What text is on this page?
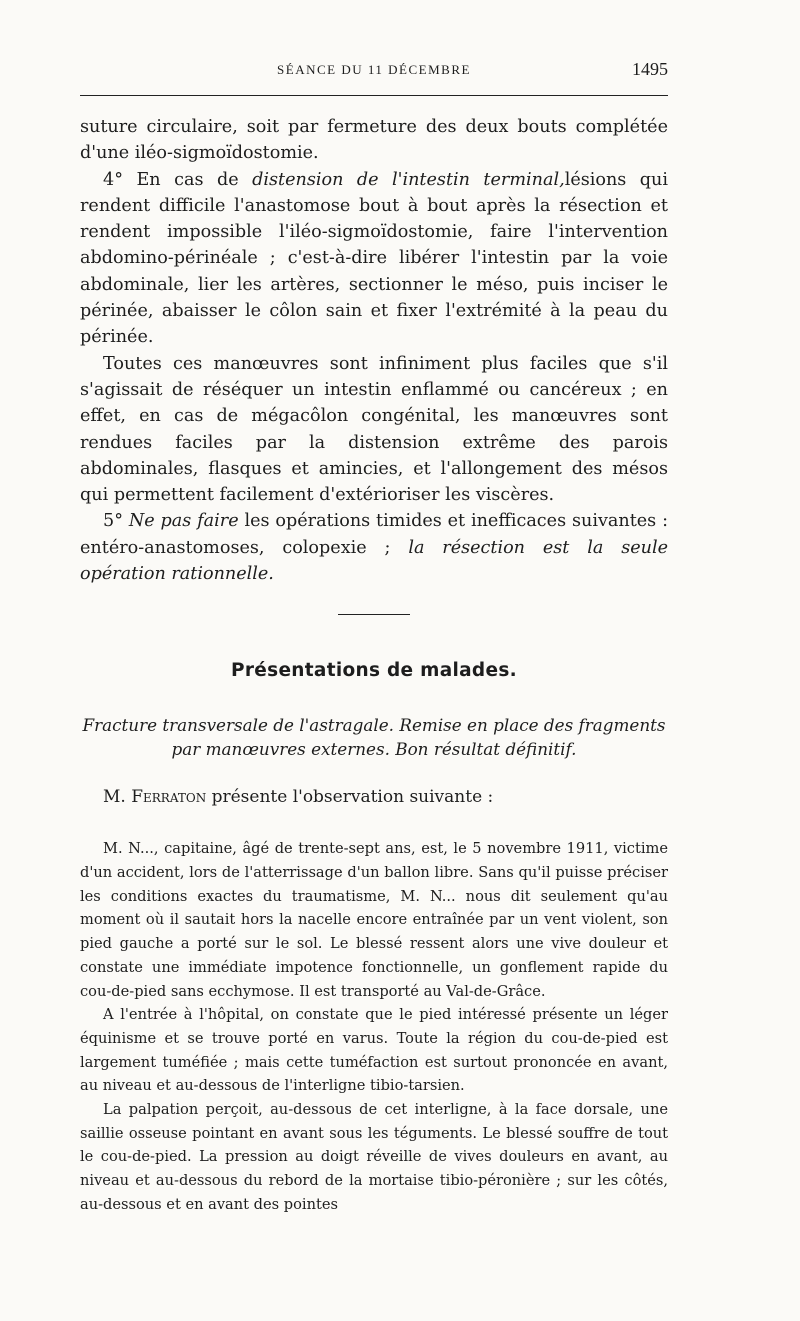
SÉANCE DU 11 DÉCEMBRE	1495

suture circulaire, soit par fermeture des deux bouts complétée d'une iléo-sigmoïdostomie.

4° En cas de distension de l'intestin terminal,lésions qui rendent difficile l'anastomose bout à bout après la résection et rendent impossible l'iléo-sigmoïdostomie, faire l'intervention abdomino-périnéale ; c'est-à-dire libérer l'intestin par la voie abdominale, lier les artères, sectionner le méso, puis inciser le périnée, abaisser le côlon sain et fixer l'extrémité à la peau du périnée.

Toutes ces manœuvres sont infiniment plus faciles que s'il s'agissait de réséquer un intestin enflammé ou cancéreux ; en effet, en cas de mégacôlon congénital, les manœuvres sont rendues faciles par la distension extrême des parois abdominales, flasques et amincies, et l'allongement des mésos qui permettent facilement d'extérioriser les viscères.

5° Ne pas faire les opérations timides et inefficaces suivantes : entéro-anastomoses, colopexie ; la résection est la seule opération rationnelle.

Présentations de malades.

Fracture transversale de l'astragale. Remise en place des fragments
par manœuvres externes. Bon résultat définitif.

M. Ferraton présente l'observation suivante :

M. N..., capitaine, âgé de trente-sept ans, est, le 5 novembre 1911, victime d'un accident, lors de l'atterrissage d'un ballon libre. Sans qu'il puisse préciser les conditions exactes du traumatisme, M. N... nous dit seulement qu'au moment où il sautait hors la nacelle encore entraînée par un vent violent, son pied gauche a porté sur le sol. Le blessé ressent alors une vive douleur et constate une immédiate impotence fonctionnelle, un gonflement rapide du cou-de-pied sans ecchymose. Il est transporté au Val-de-Grâce.

A l'entrée à l'hôpital, on constate que le pied intéressé présente un léger équinisme et se trouve porté en varus. Toute la région du cou-de-pied est largement tuméfiée ; mais cette tuméfaction est surtout prononcée en avant, au niveau et au-dessous de l'interligne tibio-tarsien.

La palpation perçoit, au-dessous de cet interligne, à la face dorsale, une saillie osseuse pointant en avant sous les téguments. Le blessé souffre de tout le cou-de-pied. La pression au doigt réveille de vives douleurs en avant, au niveau et au-dessous du rebord de la mortaise tibio-péronière ; sur les côtés, au-dessous et en avant des pointes
